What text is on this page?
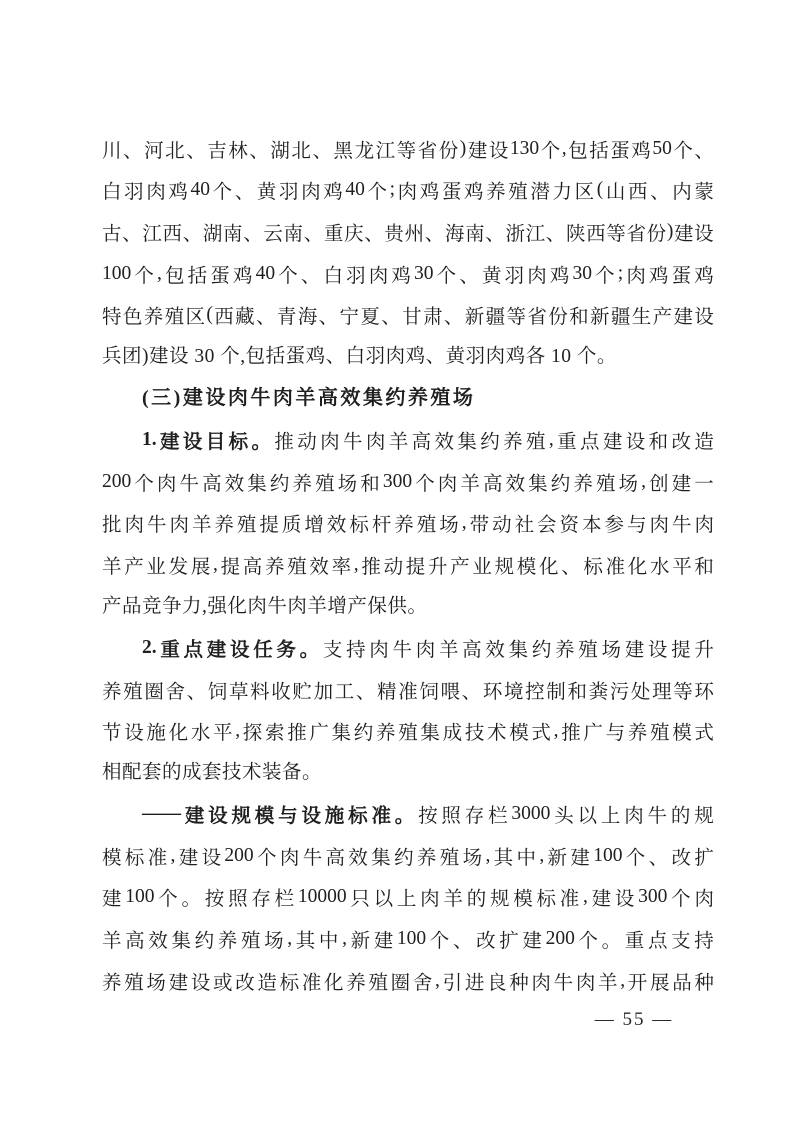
川 、 河 北 、 吉 林 、 湖 北 、 黑 龙 江 等 省 份 ) 建 设 130 个 , 包 括 蛋 鸡 50 个 、
白 羽 肉 鸡 40 个 、 黄 羽 肉 鸡 40 个 ; 肉 鸡 蛋 鸡 养 殖 潜 力 区 ( 山 西 、 内 蒙
古 、 江 西 、 湖 南 、 云 南 、 重 庆 、 贵 州 、 海 南 、 浙 江 、 陕 西 等 省 份 ) 建 设
100 个 , 包 括 蛋 鸡 40 个 、 白 羽 肉 鸡 30 个 、 黄 羽 肉 鸡 30 个 ; 肉 鸡 蛋 鸡
特 色 养 殖 区 ( 西 藏 、 青 海 、 宁 夏 、 甘 肃 、 新 疆 等 省 份 和 新 疆 生 产 建 设
兵团)建设 30 个,包括蛋鸡、白羽肉鸡、黄羽肉鸡各 10 个。
(三)建设肉牛肉羊高效集约养殖场
1. 建 设 目 标 。 推 动 肉 牛 肉 羊 高 效 集 约 养 殖 , 重 点 建 设 和 改 造
200 个 肉 牛 高 效 集 约 养 殖 场 和 300 个 肉 羊 高 效 集 约 养 殖 场 , 创 建 一
批 肉 牛 肉 羊 养 殖 提 质 增 效 标 杆 养 殖 场 , 带 动 社 会 资 本 参 与 肉 牛 肉
羊 产 业 发 展 , 提 高 养 殖 效 率 , 推 动 提 升 产 业 规 模 化 、 标 准 化 水 平 和
产品竞争力,强化肉牛肉羊增产保供。
2. 重 点 建 设 任 务 。 支 持 肉 牛 肉 羊 高 效 集 约 养 殖 场 建 设 提 升
养 殖 圈 舍 、 饲 草 料 收 贮 加 工 、 精 准 饲 喂 、 环 境 控 制 和 粪 污 处 理 等 环
节 设 施 化 水 平 , 探 索 推 广 集 约 养 殖 集 成 技 术 模 式 , 推 广 与 养 殖 模 式
相配套的成套技术装备。
—— 建 设 规 模 与 设 施 标 准 。 按 照 存 栏 3000 头 以 上 肉 牛 的 规
模 标 准 , 建 设 200 个 肉 牛 高 效 集 约 养 殖 场 , 其 中 , 新 建 100 个 、 改 扩
建 100 个 。 按 照 存 栏 10000 只 以 上 肉 羊 的 规 模 标 准 , 建 设 300 个 肉
羊 高 效 集 约 养 殖 场 , 其 中 , 新 建 100 个 、 改 扩 建 200 个 。 重 点 支 持
养 殖 场 建 设 或 改 造 标 准 化 养 殖 圈 舍 , 引 进 良 种 肉 牛 肉 羊 , 开 展 品 种
— 55 —
